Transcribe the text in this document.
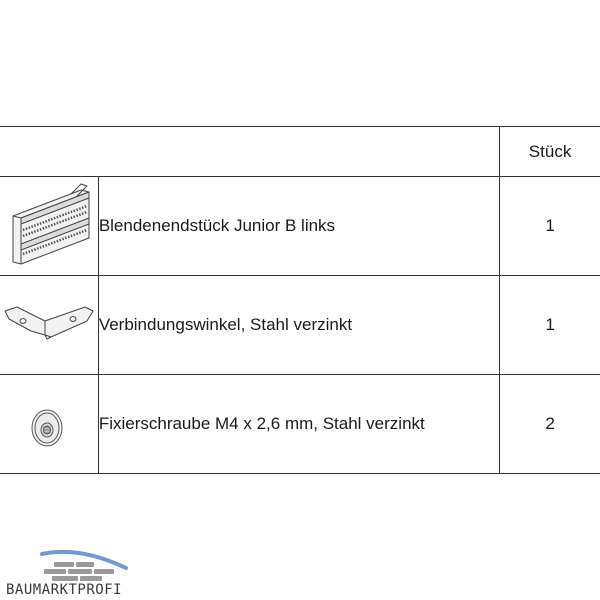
		Stück

	Blendenendstück Junior B links	1

	Verbindungswinkel, Stahl verzinkt	1

	Fixierschraube M4 x 2,6 mm, Stahl verzinkt	2
BAUMARKTPROFI
